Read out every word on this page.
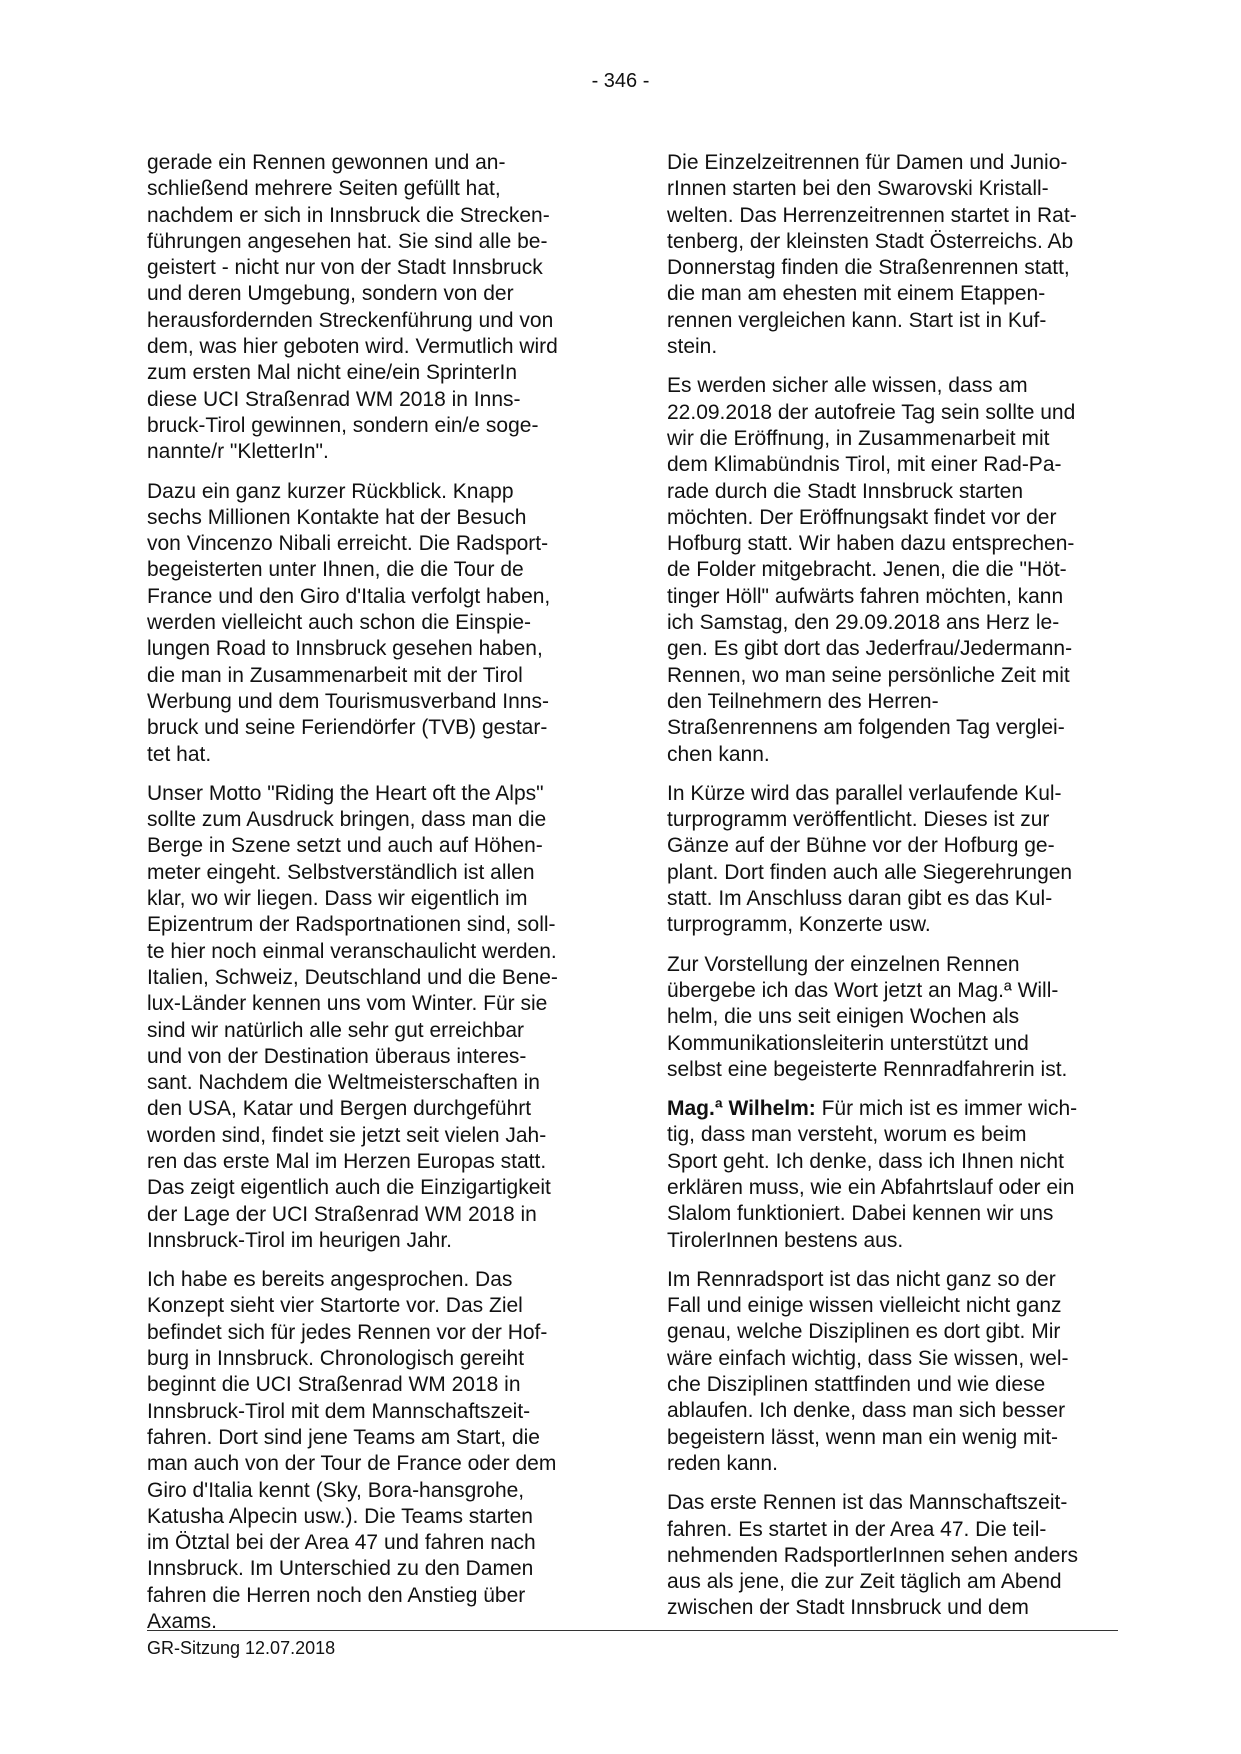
- 346 -
gerade ein Rennen gewonnen und an-
schließend mehrere Seiten gefüllt hat,
nachdem er sich in Innsbruck die Strecken-
führungen angesehen hat. Sie sind alle be-
geistert - nicht nur von der Stadt Innsbruck
und deren Umgebung, sondern von der
herausfordernden Streckenführung und von
dem, was hier geboten wird. Vermutlich wird
zum ersten Mal nicht eine/ein SprinterIn
diese UCI Straßenrad WM 2018 in Inns-
bruck-Tirol gewinnen, sondern ein/e soge-
nannte/r "KletterIn".
Dazu ein ganz kurzer Rückblick. Knapp
sechs Millionen Kontakte hat der Besuch
von Vincenzo Nibali erreicht. Die Radsport-
begeisterten unter Ihnen, die die Tour de
France und den Giro d'Italia verfolgt haben,
werden vielleicht auch schon die Einspie-
lungen Road to Innsbruck gesehen haben,
die man in Zusammenarbeit mit der Tirol
Werbung und dem Tourismusverband Inns-
bruck und seine Feriendörfer (TVB) gestar-
tet hat.
Unser Motto "Riding the Heart oft the Alps"
sollte zum Ausdruck bringen, dass man die
Berge in Szene setzt und auch auf Höhen-
meter eingeht. Selbstverständlich ist allen
klar, wo wir liegen. Dass wir eigentlich im
Epizentrum der Radsportnationen sind, soll-
te hier noch einmal veranschaulicht werden.
Italien, Schweiz, Deutschland und die Bene-
lux-Länder kennen uns vom Winter. Für sie
sind wir natürlich alle sehr gut erreichbar
und von der Destination überaus interes-
sant. Nachdem die Weltmeisterschaften in
den USA, Katar und Bergen durchgeführt
worden sind, findet sie jetzt seit vielen Jah-
ren das erste Mal im Herzen Europas statt.
Das zeigt eigentlich auch die Einzigartigkeit
der Lage der UCI Straßenrad WM 2018 in
Innsbruck-Tirol im heurigen Jahr.
Ich habe es bereits angesprochen. Das
Konzept sieht vier Startorte vor. Das Ziel
befindet sich für jedes Rennen vor der Hof-
burg in Innsbruck. Chronologisch gereiht
beginnt die UCI Straßenrad WM 2018 in
Innsbruck-Tirol mit dem Mannschaftszeit-
fahren. Dort sind jene Teams am Start, die
man auch von der Tour de France oder dem
Giro d'Italia kennt (Sky, Bora-hansgrohe,
Katusha Alpecin usw.). Die Teams starten
im Ötztal bei der Area 47 und fahren nach
Innsbruck. Im Unterschied zu den Damen
fahren die Herren noch den Anstieg über
Axams.
Die Einzelzeitrennen für Damen und Junio-
rInnen starten bei den Swarovski Kristall-
welten. Das Herrenzeitrennen startet in Rat-
tenberg, der kleinsten Stadt Österreichs. Ab
Donnerstag finden die Straßenrennen statt,
die man am ehesten mit einem Etappen-
rennen vergleichen kann. Start ist in Kuf-
stein.
Es werden sicher alle wissen, dass am
22.09.2018 der autofreie Tag sein sollte und
wir die Eröffnung, in Zusammenarbeit mit
dem Klimabündnis Tirol, mit einer Rad-Pa-
rade durch die Stadt Innsbruck starten
möchten. Der Eröffnungsakt findet vor der
Hofburg statt. Wir haben dazu entsprechen-
de Folder mitgebracht. Jenen, die die "Höt-
tinger Höll" aufwärts fahren möchten, kann
ich Samstag, den 29.09.2018 ans Herz le-
gen. Es gibt dort das Jederfrau/Jedermann-
Rennen, wo man seine persönliche Zeit mit
den Teilnehmern des Herren-
Straßenrennens am folgenden Tag verglei-
chen kann.
In Kürze wird das parallel verlaufende Kul-
turprogramm veröffentlicht. Dieses ist zur
Gänze auf der Bühne vor der Hofburg ge-
plant. Dort finden auch alle Siegerehrungen
statt. Im Anschluss daran gibt es das Kul-
turprogramm, Konzerte usw.
Zur Vorstellung der einzelnen Rennen
übergebe ich das Wort jetzt an Mag.ª Will-
helm, die uns seit einigen Wochen als
Kommunikationsleiterin unterstützt und
selbst eine begeisterte Rennradfahrerin ist.
Mag.ª Wilhelm: Für mich ist es immer wich-
tig, dass man versteht, worum es beim
Sport geht. Ich denke, dass ich Ihnen nicht
erklären muss, wie ein Abfahrtslauf oder ein
Slalom funktioniert. Dabei kennen wir uns
TirolerInnen bestens aus.
Im Rennradsport ist das nicht ganz so der
Fall und einige wissen vielleicht nicht ganz
genau, welche Disziplinen es dort gibt. Mir
wäre einfach wichtig, dass Sie wissen, wel-
che Disziplinen stattfinden und wie diese
ablaufen. Ich denke, dass man sich besser
begeistern lässt, wenn man ein wenig mit-
reden kann.
Das erste Rennen ist das Mannschaftszeit-
fahren. Es startet in der Area 47. Die teil-
nehmenden RadsportlerInnen sehen anders
aus als jene, die zur Zeit täglich am Abend
zwischen der Stadt Innsbruck und dem
GR-Sitzung 12.07.2018
